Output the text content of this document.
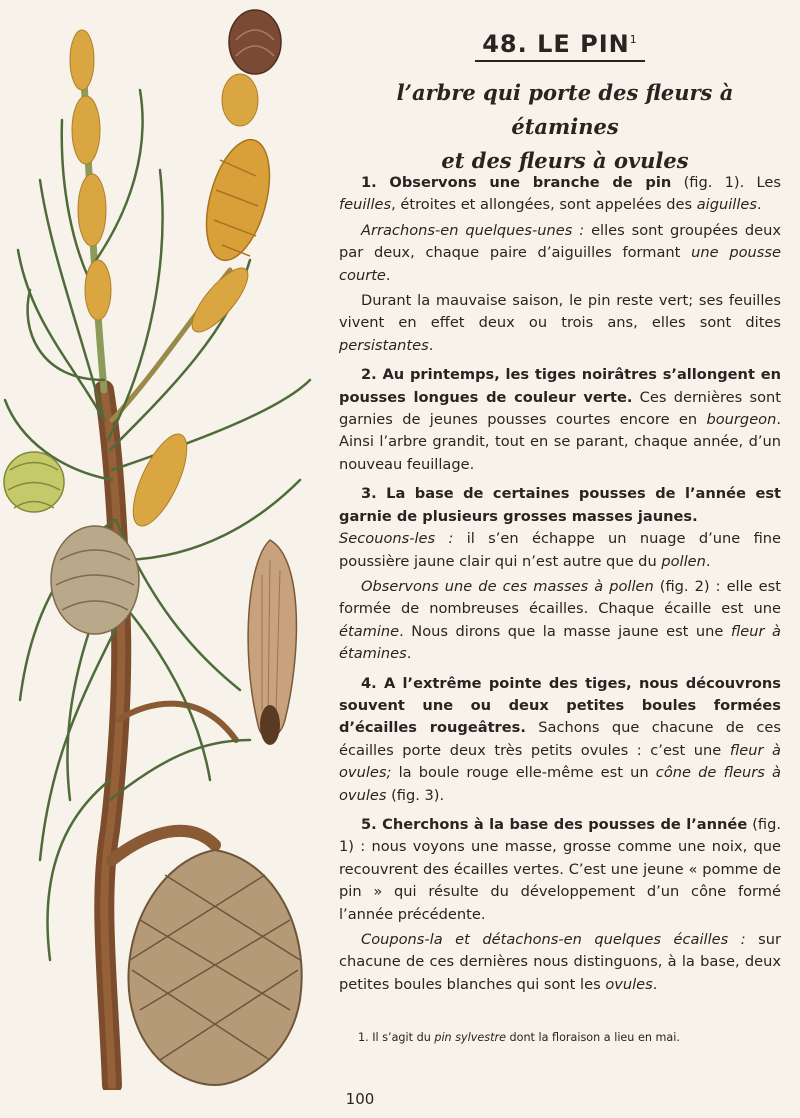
48. LE PIN$^1$
l’arbre qui porte des fleurs à étamines
et des fleurs à ovules

1. Observons une branche de pin (fig. 1). Les feuilles, étroites et allongées, sont appelées des aiguilles.

Arrachons-en quelques-unes : elles sont groupées deux par deux, chaque paire d’aiguilles formant une pousse courte.

Durant la mauvaise saison, le pin reste vert; ses feuilles vivent en effet deux ou trois ans, elles sont dites persistantes.

2. Au printemps, les tiges noirâtres s’allongent en pousses longues de couleur verte. Ces dernières sont garnies de jeunes pousses courtes encore en bourgeon. Ainsi l’arbre grandit, tout en se parant, chaque année, d’un nouveau feuillage.

3. La base de certaines pousses de l’année est garnie de plusieurs grosses masses jaunes.

Secouons-les : il s’en échappe un nuage d’une fine poussière jaune clair qui n’est autre que du pollen.

Observons une de ces masses à pollen (fig. 2) : elle est formée de nombreuses écailles. Chaque écaille est une étamine. Nous dirons que la masse jaune est une fleur à étamines.

4. A l’extrême pointe des tiges, nous découvrons souvent une ou deux petites boules formées d’écailles rougeâtres. Sachons que chacune de ces écailles porte deux très petits ovules : c’est une fleur à ovules; la boule rouge elle-même est un cône de fleurs à ovules (fig. 3).

5. Cherchons à la base des pousses de l’année (fig. 1) : nous voyons une masse, grosse comme une noix, que recouvrent des écailles vertes. C’est une jeune « pomme de pin » qui résulte du développement d’un cône formé l’année précédente.

Coupons-la et détachons-en quelques écailles : sur chacune de ces dernières nous distinguons, à la base, deux petites boules blanches qui sont les ovules.

1. Il s’agit du pin sylvestre dont la floraison a lieu en mai.
100
